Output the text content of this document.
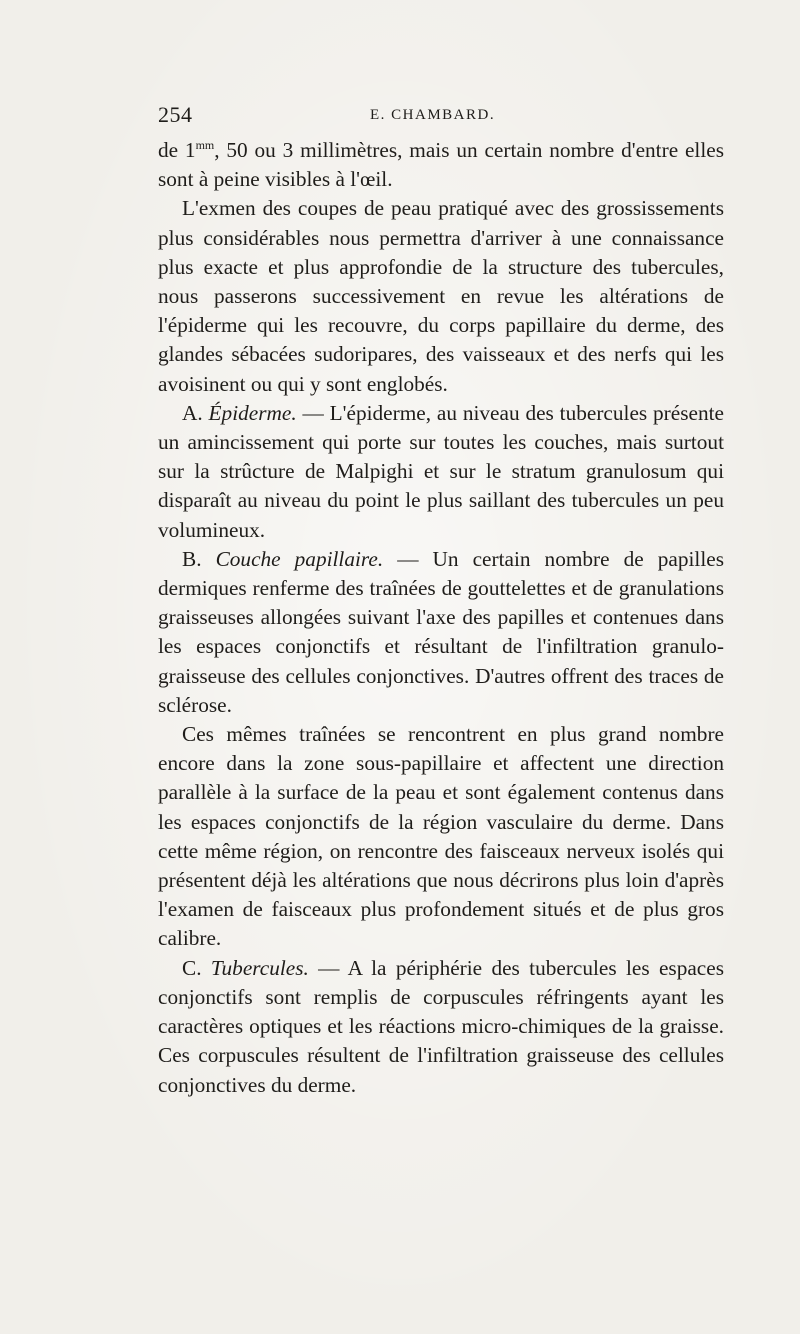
254	E. CHAMBARD.

de $1^{mm}$, 50 ou 3 millimètres, mais un certain nombre d'entre elles sont à peine visibles à l'œil.

L'exmen des coupes de peau pratiqué avec des grossissements plus considérables nous permettra d'arriver à une connaissance plus exacte et plus approfondie de la structure des tubercules, nous passerons successivement en revue les altérations de l'épiderme qui les recouvre, du corps papillaire du derme, des glandes sébacées sudoripares, des vaisseaux et des nerfs qui les avoisinent ou qui y sont englobés.

A. Épiderme. — L'épiderme, au niveau des tubercules présente un amincissement qui porte sur toutes les couches, mais surtout sur la strûcture de Malpighi et sur le stratum granulosum qui disparaît au niveau du point le plus saillant des tubercules un peu volumineux.

B. Couche papillaire. — Un certain nombre de papilles dermiques renferme des traînées de gouttelettes et de granulations graisseuses allongées suivant l'axe des papilles et contenues dans les espaces conjonctifs et résultant de l'infiltration granulo-graisseuse des cellules conjonctives. D'autres offrent des traces de sclérose.

Ces mêmes traînées se rencontrent en plus grand nombre encore dans la zone sous-papillaire et affectent une direction parallèle à la surface de la peau et sont également contenus dans les espaces conjonctifs de la région vasculaire du derme. Dans cette même région, on rencontre des faisceaux nerveux isolés qui présentent déjà les altérations que nous décrirons plus loin d'après l'examen de faisceaux plus profondement situés et de plus gros calibre.

C. Tubercules. — A la périphérie des tubercules les espaces conjonctifs sont remplis de corpuscules réfringents ayant les caractères optiques et les réactions micro-chimiques de la graisse. Ces corpuscules résultent de l'infiltration graisseuse des cellules conjonctives du derme.
